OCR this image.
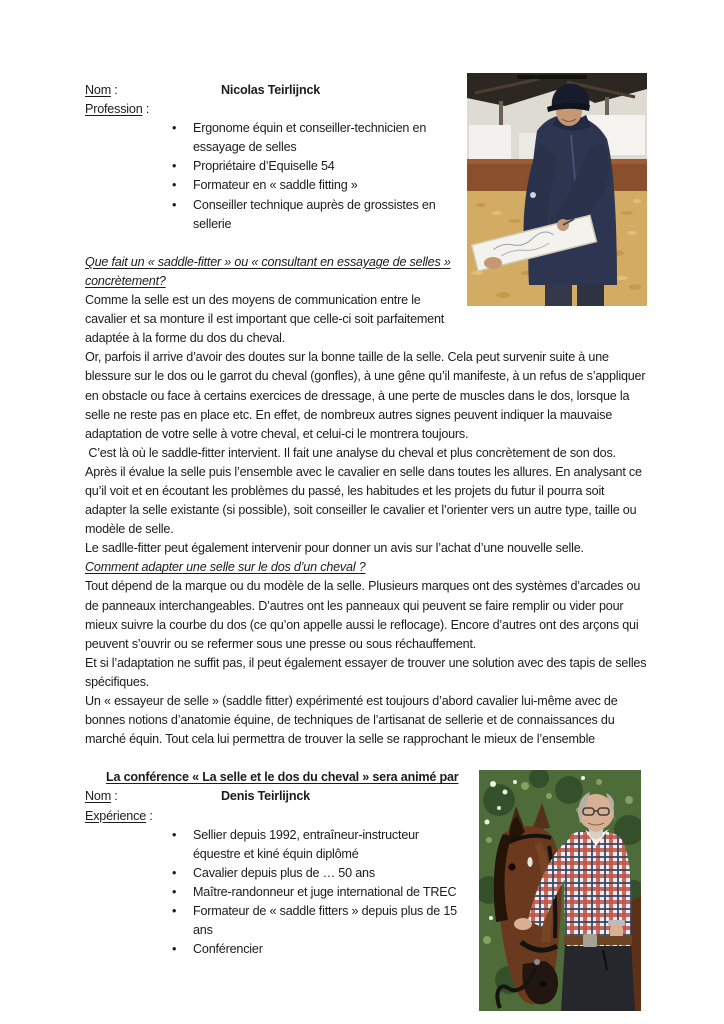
Nom :	Nicolas Teirlijnck

Profession :

• Ergonome équin et conseiller-technicien en essayage de selles
• Propriétaire d’Equiselle 54
• Formateur en « saddle fitting »
• Conseiller technique auprès de grossistes en sellerie

Que fait un « saddle-fitter » ou « consultant en essayage de selles » concrètement?

Comme la selle est un des moyens de communication entre le cavalier et sa monture il est important que celle-ci soit parfaitement adaptée à la forme du dos du cheval.

Or, parfois il arrive d’avoir des doutes sur la bonne taille de la selle. Cela peut survenir suite à une blessure sur le dos ou le garrot du cheval (gonfles), à une gêne qu’il manifeste, à un refus de s’appliquer en obstacle ou face à certains exercices de dressage, à une perte de muscles dans le dos, lorsque la selle ne reste pas en place etc. En effet, de nombreux autres signes peuvent indiquer la mauvaise adaptation de votre selle à votre cheval, et celui-ci le montrera toujours.

C’est là où le saddle-fitter intervient. Il fait une analyse du cheval et plus concrètement de son dos. Après il évalue la selle puis l’ensemble avec le cavalier en selle dans toutes les allures. En analysant ce qu’il voit et en écoutant les problèmes du passé, les habitudes et les projets du futur il pourra soit adapter la selle existante (si possible), soit conseiller le cavalier et l’orienter vers un autre type, taille ou modèle de selle.

Le sadlle-fitter peut également intervenir pour donner un avis sur l’achat d’une nouvelle selle.

Comment adapter une selle sur le dos d’un cheval ?

Tout dépend de la marque ou du modèle de la selle. Plusieurs marques ont des systèmes d’arcades ou de panneaux interchangeables. D’autres ont les panneaux qui peuvent se faire remplir ou vider pour mieux suivre la courbe du dos (ce qu’on appelle aussi le reflocage). Encore d’autres ont des arçons qui peuvent s’ouvrir ou se refermer sous une presse ou sous réchauffement.

Et si l’adaptation ne suffit pas, il peut également essayer de trouver une solution avec des tapis de selles spécifiques.

Un « essayeur de selle » (saddle fitter) expérimenté est toujours d’abord cavalier lui-même avec de bonnes notions d’anatomie équine, de techniques de l’artisanat de sellerie et de connaissances du marché équin. Tout cela lui permettra de trouver la selle se rapprochant le mieux de l’ensemble

La conférence « La selle et le dos du cheval » sera animé par

Nom :	Denis Teirlijnck

Expérience :

• Sellier depuis 1992, entraîneur-instructeur équestre et kiné équin diplômé
• Cavalier depuis plus de … 50 ans
• Maître-randonneur et juge international de TREC
• Formateur de « saddle fitters » depuis plus de 15 ans
• Conférencier
